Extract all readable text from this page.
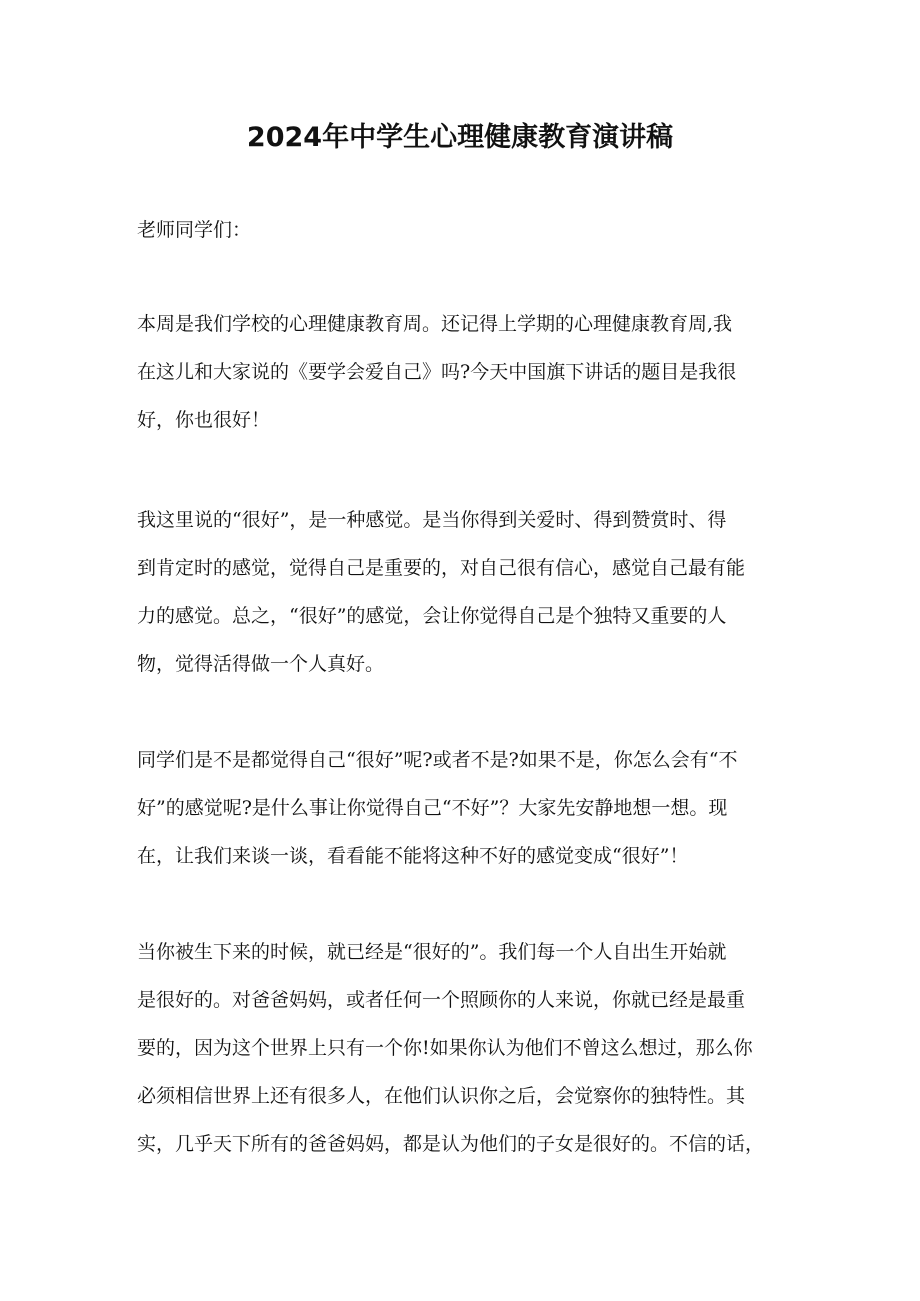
2024年中学生心理健康教育演讲稿

老师同学们：

本周是我们学校的心理健康教育周。还记得上学期的心理健康教育周,我
在这儿和大家说的《要学会爱自己》吗?今天中国旗下讲话的题目是我很
好，你也很好！
我这里说的“很好”，是一种感觉。是当你得到关爱时、得到赞赏时、得
到肯定时的感觉，觉得自己是重要的，对自己很有信心，感觉自己最有能
力的感觉。总之，“很好”的感觉，会让你觉得自己是个独特又重要的人
物，觉得活得做一个人真好。
同学们是不是都觉得自己“很好”呢?或者不是?如果不是，你怎么会有“不
好”的感觉呢?是什么事让你觉得自己“不好”？大家先安静地想一想。现
在，让我们来谈一谈，看看能不能将这种不好的感觉变成“很好”！
当你被生下来的时候，就已经是“很好的”。我们每一个人自出生开始就
是很好的。对爸爸妈妈，或者任何一个照顾你的人来说，你就已经是最重
要的，因为这个世界上只有一个你!如果你认为他们不曾这么想过，那么你
必须相信世界上还有很多人，在他们认识你之后，会觉察你的独特性。其
实，几乎天下所有的爸爸妈妈，都是认为他们的子女是很好的。不信的话，
